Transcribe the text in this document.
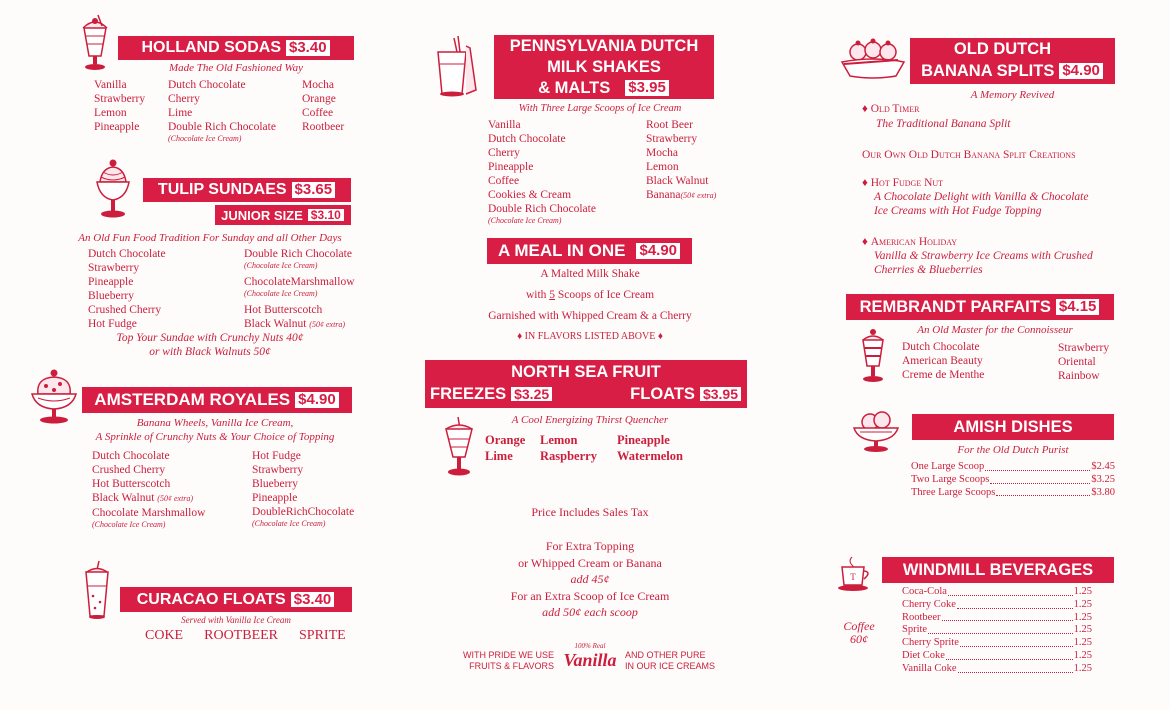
HOLLAND SODAS $3.40
Made The Old Fashioned Way
Vanilla
Strawberry
Lemon
Pineapple
Dutch Chocolate
Cherry
Lime
Double Rich Chocolate
(Chocolate Ice Cream)
Mocha
Orange
Coffee
Rootbeer
TULIP SUNDAES $3.65
JUNIOR SIZE $3.10
An Old Fun Food Tradition For Sunday and all Other Days
Dutch Chocolate
Strawberry
Pineapple
Blueberry
Crushed Cherry
Hot Fudge
Double Rich Chocolate
(Chocolate Ice Cream)
ChocolateMarshmallow
(Chocolate Ice Cream)
Hot Butterscotch
Black Walnut (50¢ extra)
Top Your Sundae with Crunchy Nuts 40¢
or with Black Walnuts 50¢
AMSTERDAM ROYALES $4.90
Banana Wheels, Vanilla Ice Cream,
A Sprinkle of Crunchy Nuts & Your Choice of Topping
Dutch Chocolate
Crushed Cherry
Hot Butterscotch
Black Walnut (50¢ extra)
Chocolate Marshmallow
(Chocolate Ice Cream)
Hot Fudge
Strawberry
Blueberry
Pineapple
DoubleRichChocolate
(Chocolate Ice Cream)
CURACAO FLOATS $3.40
Served with Vanilla Ice Cream
COKE ROOTBEER SPRITE
PENNSYLVANIA DUTCH
MILK SHAKES
& MALTS $3.95
With Three Large Scoops of Ice Cream
Vanilla
Dutch Chocolate
Cherry
Pineapple
Coffee
Cookies & Cream
Double Rich Chocolate
(Chocolate Ice Cream)
Root Beer
Strawberry
Mocha
Lemon
Black Walnut
Banana(50¢ extra)
A MEAL IN ONE $4.90
A Malted Milk Shake
with 5 Scoops of Ice Cream
Garnished with Whipped Cream & a Cherry
♦ IN FLAVORS LISTED ABOVE ♦
NORTH SEA FRUIT
FREEZES $3.25	FLOATS $3.95
A Cool Energizing Thirst Quencher
Orange
Lime
Lemon
Raspberry
Pineapple
Watermelon
Price Includes Sales Tax
For Extra Topping
or Whipped Cream or Banana
add 45¢
For an Extra Scoop of Ice Cream
add 50¢ each scoop
WITH PRIDE WE USE
FRUITS & FLAVORS
100% Real
Vanilla AND OTHER PURE
IN OUR ICE CREAMS
OLD DUTCH
BANANA SPLITS $4.90
A Memory Revived
♦ Old Timer
The Traditional Banana Split
Our Own Old Dutch Banana Split Creations
♦ Hot Fudge Nut
A Chocolate Delight with Vanilla & Chocolate
Ice Creams with Hot Fudge Topping
♦ American Holiday
Vanilla & Strawberry Ice Creams with Crushed
Cherries & Blueberries
REMBRANDT PARFAITS $4.15
An Old Master for the Connoisseur
Dutch Chocolate
American Beauty
Creme de Menthe
Strawberry
Oriental
Rainbow
AMISH DISHES
For the Old Dutch Purist
One Large Scoop	$2.45
Two Large Scoops	$3.25
Three Large Scoops	$3.80
T	WINDMILL BEVERAGES
Coffee
60¢
Coca-Cola	1.25
Cherry Coke	1.25
Rootbeer	1.25
Sprite	1.25
Cherry Sprite	1.25
Diet Coke	1.25
Vanilla Coke	1.25
